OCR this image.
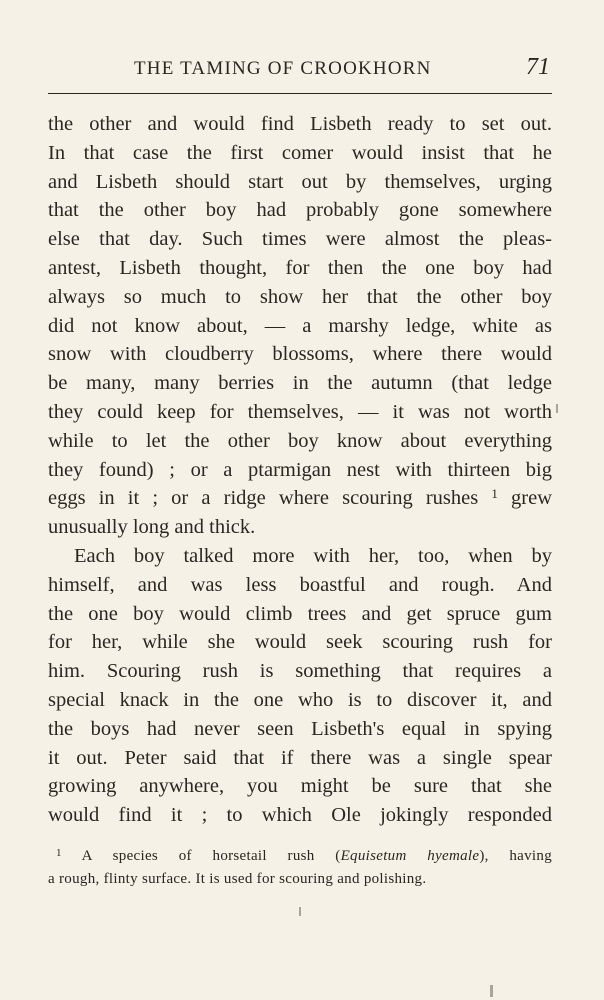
THE TAMING OF CROOKHORN	71
the other and would find Lisbeth ready to set out.
In that case the first comer would insist that he
and Lisbeth should start out by themselves, urging
that the other boy had probably gone somewhere
else that day. Such times were almost the pleas-
antest, Lisbeth thought, for then the one boy had
always so much to show her that the other boy
did not know about, — a marshy ledge, white as
snow with cloudberry blossoms, where there would
be many, many berries in the autumn (that ledge
they could keep for themselves, — it was not worth
while to let the other boy know about everything
they found) ; or a ptarmigan nest with thirteen big
eggs in it ; or a ridge where scouring rushes $^1$ grew
unusually long and thick.
Each boy talked more with her, too, when by
himself, and was less boastful and rough. And
the one boy would climb trees and get spruce gum
for her, while she would seek scouring rush for
him. Scouring rush is something that requires a
special knack in the one who is to discover it, and
the boys had never seen Lisbeth's equal in spying
it out. Peter said that if there was a single spear
growing anywhere, you might be sure that she
would find it ; to which Ole jokingly responded
$^1$ A species of horsetail rush (Equisetum hyemale), having
a rough, flinty surface. It is used for scouring and polishing.
